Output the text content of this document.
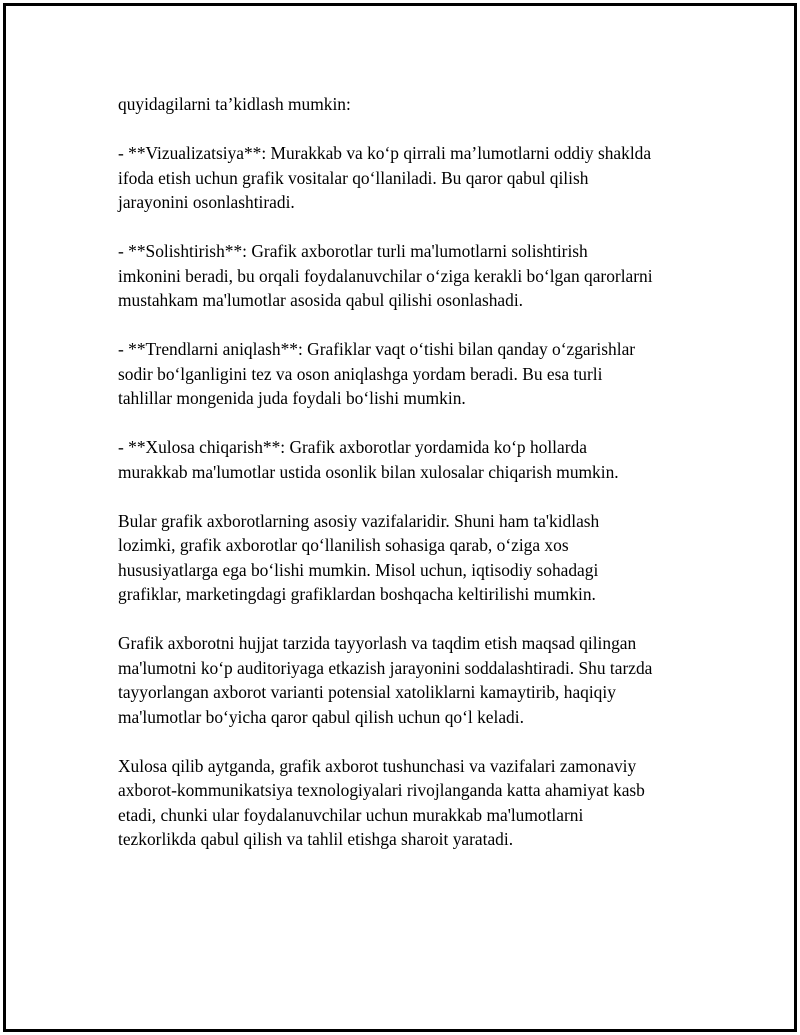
quyidagilarni ta’kidlash mumkin:

- **Vizualizatsiya**: Murakkab va ko‘p qirrali ma’lumotlarni oddiy shaklda
ifoda etish uchun grafik vositalar qo‘llaniladi. Bu qaror qabul qilish
jarayonini osonlashtiradi.

- **Solishtirish**: Grafik axborotlar turli ma'lumotlarni solishtirish
imkonini beradi, bu orqali foydalanuvchilar o‘ziga kerakli bo‘lgan qarorlarni
mustahkam ma'lumotlar asosida qabul qilishi osonlashadi.

- **Trendlarni aniqlash**: Grafiklar vaqt o‘tishi bilan qanday o‘zgarishlar
sodir bo‘lganligini tez va oson aniqlashga yordam beradi. Bu esa turli
tahlillar mongenida juda foydali bo‘lishi mumkin.

- **Xulosa chiqarish**: Grafik axborotlar yordamida ko‘p hollarda
murakkab ma'lumotlar ustida osonlik bilan xulosalar chiqarish mumkin.

Bular grafik axborotlarning asosiy vazifalaridir. Shuni ham ta'kidlash
lozimki, grafik axborotlar qo‘llanilish sohasiga qarab, o‘ziga xos
hususiyatlarga ega bo‘lishi mumkin. Misol uchun, iqtisodiy sohadagi
grafiklar, marketingdagi grafiklardan boshqacha keltirilishi mumkin.

Grafik axborotni hujjat tarzida tayyorlash va taqdim etish maqsad qilingan
ma'lumotni ko‘p auditoriyaga etkazish jarayonini soddalashtiradi. Shu tarzda
tayyorlangan axborot varianti potensial xatoliklarni kamaytirib, haqiqiy
ma'lumotlar bo‘yicha qaror qabul qilish uchun qo‘l keladi.

Xulosa qilib aytganda, grafik axborot tushunchasi va vazifalari zamonaviy
axborot-kommunikatsiya texnologiyalari rivojlanganda katta ahamiyat kasb
etadi, chunki ular foydalanuvchilar uchun murakkab ma'lumotlarni
tezkorlikda qabul qilish va tahlil etishga sharoit yaratadi.
